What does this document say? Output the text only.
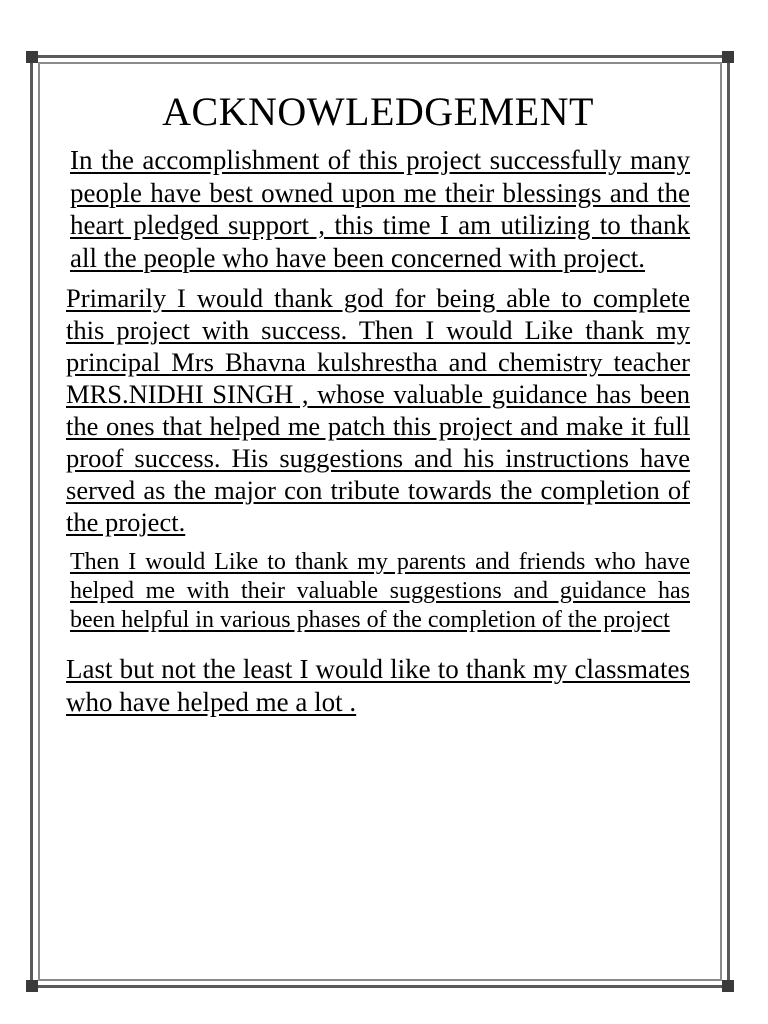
ACKNOWLEDGEMENT

In the accomplishment of this project successfully many people have best owned upon me their blessings and the heart pledged support , this time I am utilizing to thank all the people who have been concerned with project.

Primarily I would thank god for being able to complete this project with success. Then I would Like thank my principal Mrs Bhavna kulshrestha and chemistry teacher MRS.NIDHI SINGH , whose valuable guidance has been the ones that helped me patch this project and make it full proof success. His suggestions and his instructions have served as the major con tribute towards the completion of the project.

Then I would Like to thank my parents and friends who have helped me with their valuable suggestions and guidance has been helpful in various phases of the completion of the project

Last but not the least I would like to thank my classmates who have helped me a lot .
